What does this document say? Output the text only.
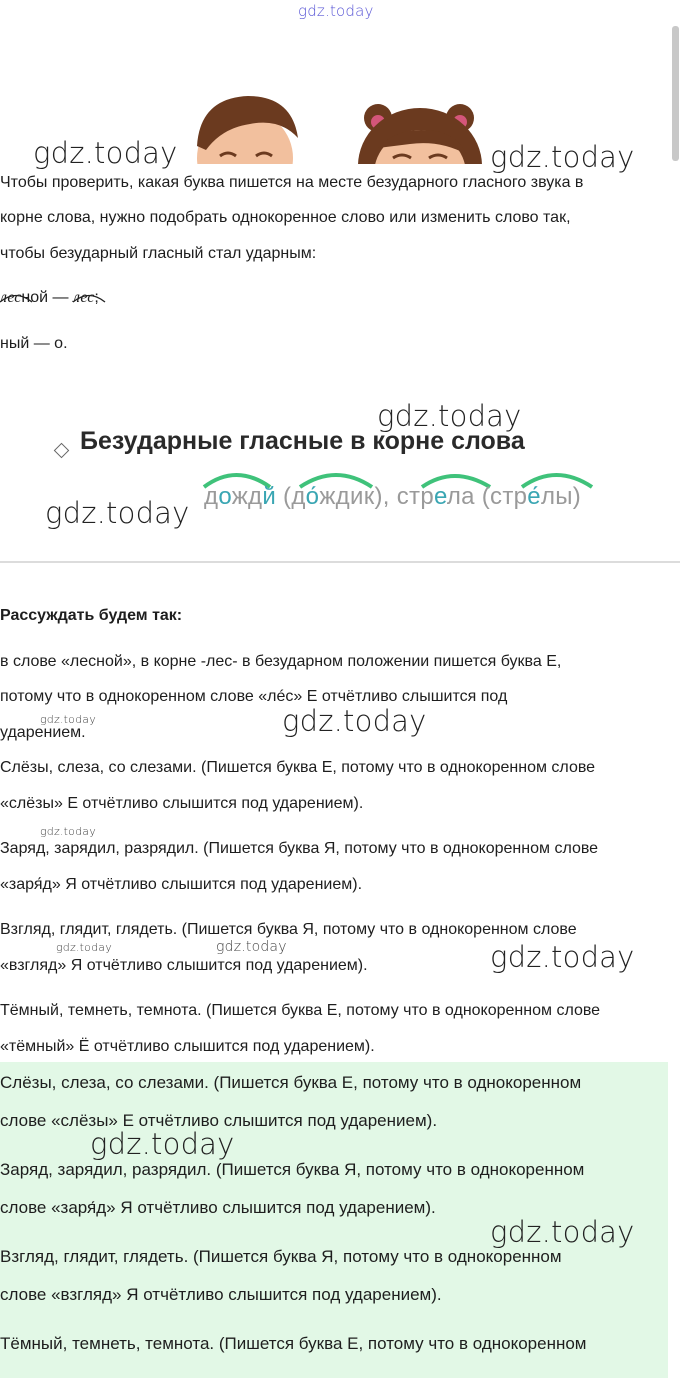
gdz.today
gdz.today	gdz.today
Чтобы проверить, какая буква пишется на месте безударного гласного звука в
корне слова, нужно подобрать однокоренное слово или изменить слово так,
чтобы безударный гласный стал ударным:
лесной —
лес;
ный — о.
Безударные гласные в корне слова
дождй (до́ждик), стрела (стре́лы)
gdz.today
gdz.today
Рассуждать будем так:
в слове «лесной», в корне -лес- в безударном положении пишется буква Е,
потому что в однокоренном слове «лéс» Е отчётливо слышится под
ударением.
gdz.today	gdz.today
Слёзы, слеза, со слезами. (Пишется буква Е, потому что в однокоренном слове
«слёзы» Е отчётливо слышится под ударением).
gdz.today
Заряд, зарядил, разрядил. (Пишется буква Я, потому что в однокоренном слове
«заря́д» Я отчётливо слышится под ударением).
Взгляд, глядит, глядеть. (Пишется буква Я, потому что в однокоренном слове
gdz.today	gdz.today
«взгляд» Я отчётливо слышится под ударением).	gdz.today
Тёмный, темнеть, темнота. (Пишется буква Е, потому что в однокоренном слове
«тёмный» Ё отчётливо слышится под ударением).
Слёзы, слеза, со слезами. (Пишется буква Е, потому что в однокоренном
слове «слёзы» Е отчётливо слышится под ударением).
gdz.today
Заряд, зарядил, разрядил. (Пишется буква Я, потому что в однокоренном
слове «заря́д» Я отчётливо слышится под ударением).
gdz.today
Взгляд, глядит, глядеть. (Пишется буква Я, потому что в однокоренном
слове «взгляд» Я отчётливо слышится под ударением).
Тёмный, темнеть, темнота. (Пишется буква Е, потому что в однокоренном
